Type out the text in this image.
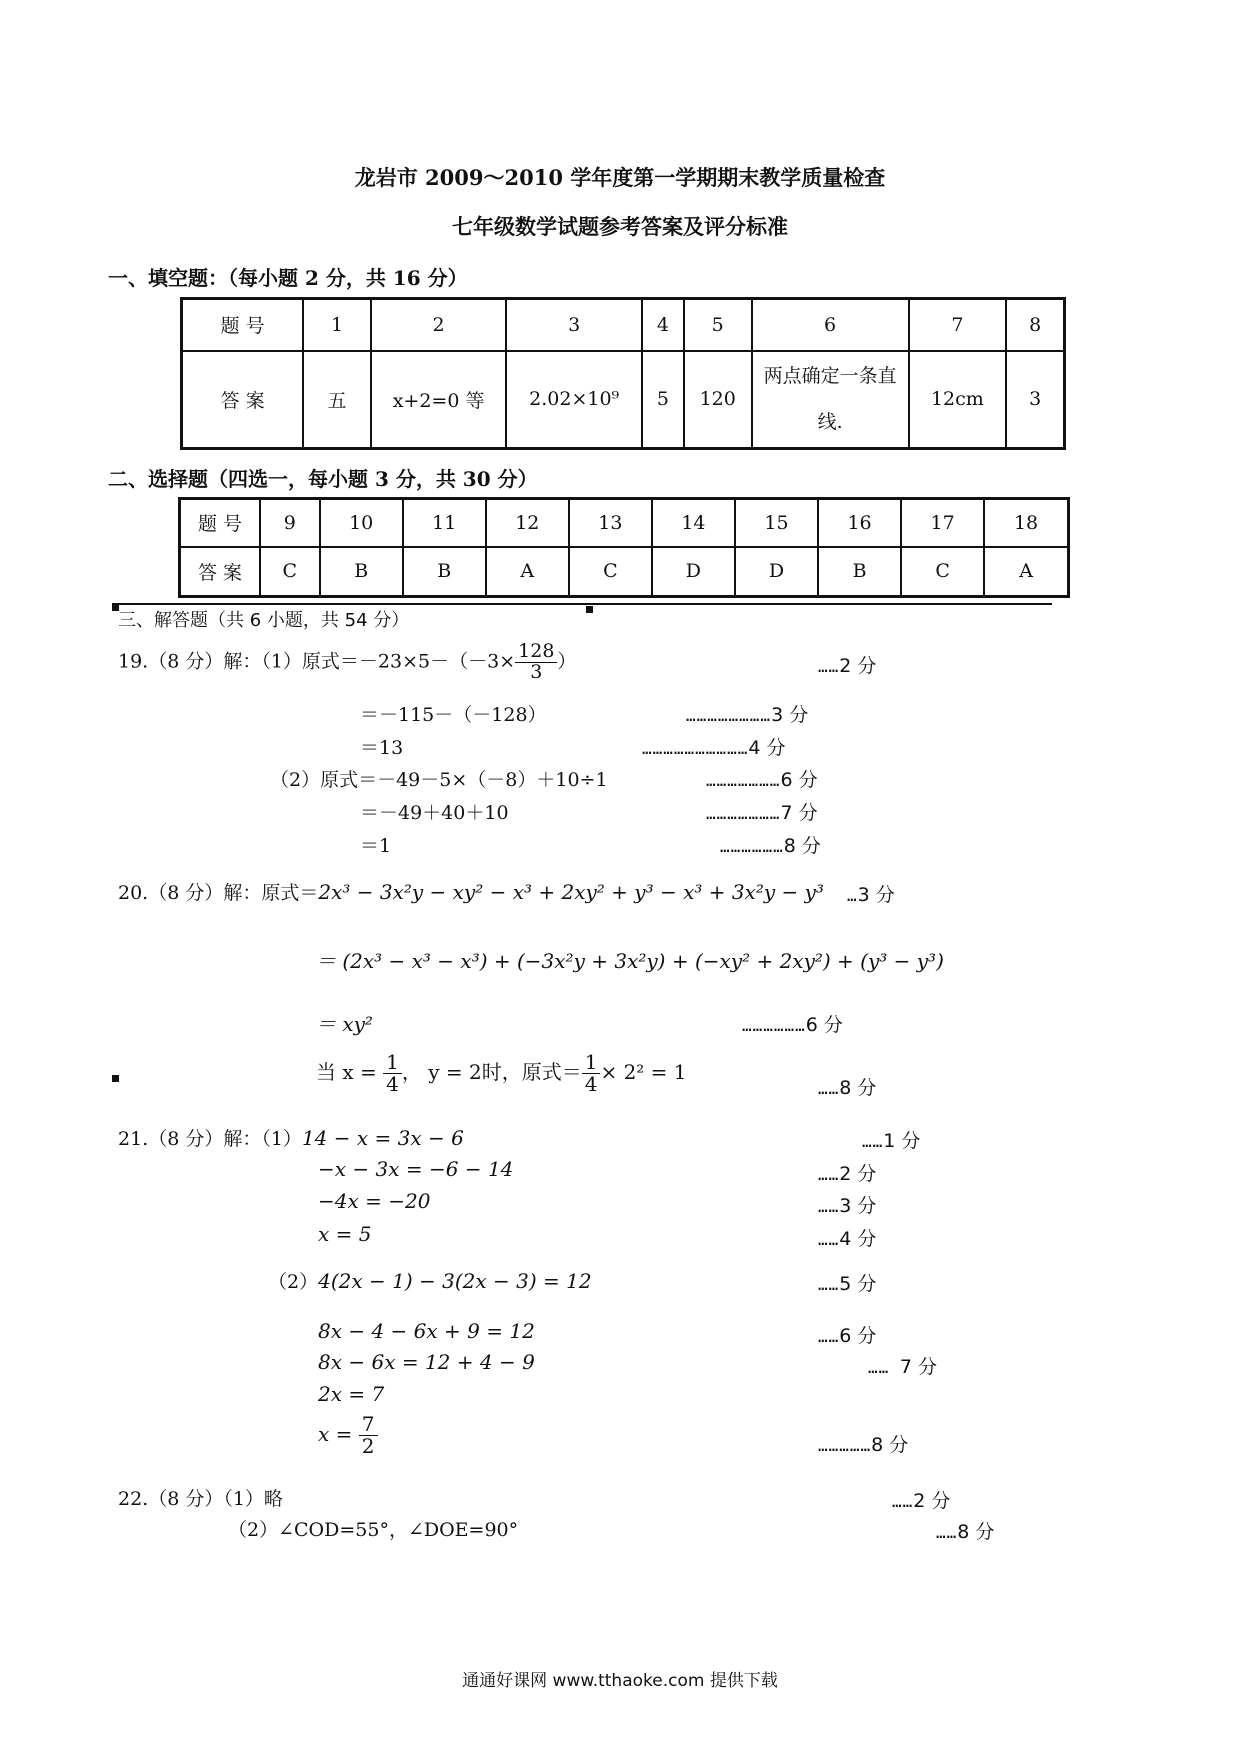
龙岩市 2009～2010 学年度第一学期期末教学质量检查
七年级数学试题参考答案及评分标准
一、填空题：（每小题 2 分，共 16 分）
题 号	1	2	3	4	5	6	7	8
答 案	五	x+2=0 等	2.02×10⁹	5	120	两点确定一条直线.	12cm	3
二、选择题（四选一，每小题 3 分，共 30 分）
题 号	9	10	11	12	13	14	15	16	17	18
答 案	C	B	B	A	C	D	D	B	C	A
三、解答题（共 6 小题，共 54 分）
19.（8 分）解：（1）原式$=-23\times 5-(-3\times \frac{128}{3}$ ）
＝－115－（－128）
＝13
（2）原式＝－49－5×（－8）＋10÷1
＝－49＋40＋10
＝1
……2 分
……………………3 分
…………………………4 分
…………………6 分
…………………7 分
………………8 分
20.（8 分）解：原式＝2x³ − 3x²y − xy² − x³ + 2xy² + y³ − x³ + 3x²y − y³ …3 分
＝ (2x³ − x³ − x³) + (−3x²y + 3x²y) + (−xy² + 2xy²) + (y³ − y³)
＝ xy²	………………6 分
当 $x = \frac{1}{4}$ ， y = 2时，原式＝ $\frac{1}{4} \times 2^2 = 1$
……8 分
21.（8 分）解：（1）14 − x = 3x − 6
−x − 3x = −6 − 14
−4x = −20
x = 5
（2）4(2x − 1) − 3(2x − 3) = 12
8x − 4 − 6x + 9 = 12
8x − 6x = 12 + 4 − 9
2x = 7
$x = \frac{7}{2}$
……1 分
……2 分
……3 分
……4 分
……5 分
……6 分
…… 7 分
……………8 分
22.（8 分）（1）略
（2）∠COD=55°，∠DOE=90°
……2 分
……8 分
通通好课网 www.tthaoke.com 提供下载
